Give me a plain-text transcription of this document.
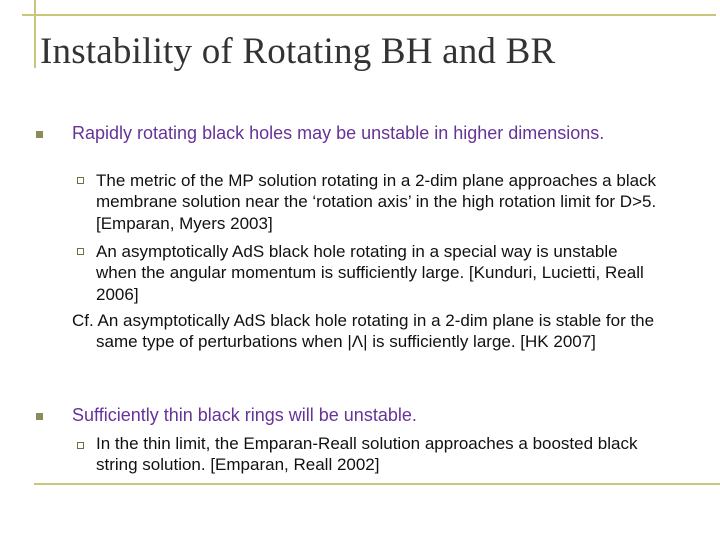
Instability of Rotating BH and BR

Rapidly rotating black holes may be unstable in higher dimensions.

The metric of the MP solution rotating in a 2-dim plane approaches a black membrane solution near the ‘rotation axis’ in the high rotation limit for D>5. [Emparan, Myers 2003]

An asymptotically AdS black hole rotating in a special way is unstable when the angular momentum is sufficiently large. [Kunduri, Lucietti, Reall 2006]

Cf. An asymptotically AdS black hole rotating in a 2-dim plane is stable for the same type of perturbations when |Λ| is sufficiently large. [HK 2007]

Sufficiently thin black rings will be unstable.

In the thin limit, the Emparan-Reall solution approaches a boosted black string solution. [Emparan, Reall 2002]
